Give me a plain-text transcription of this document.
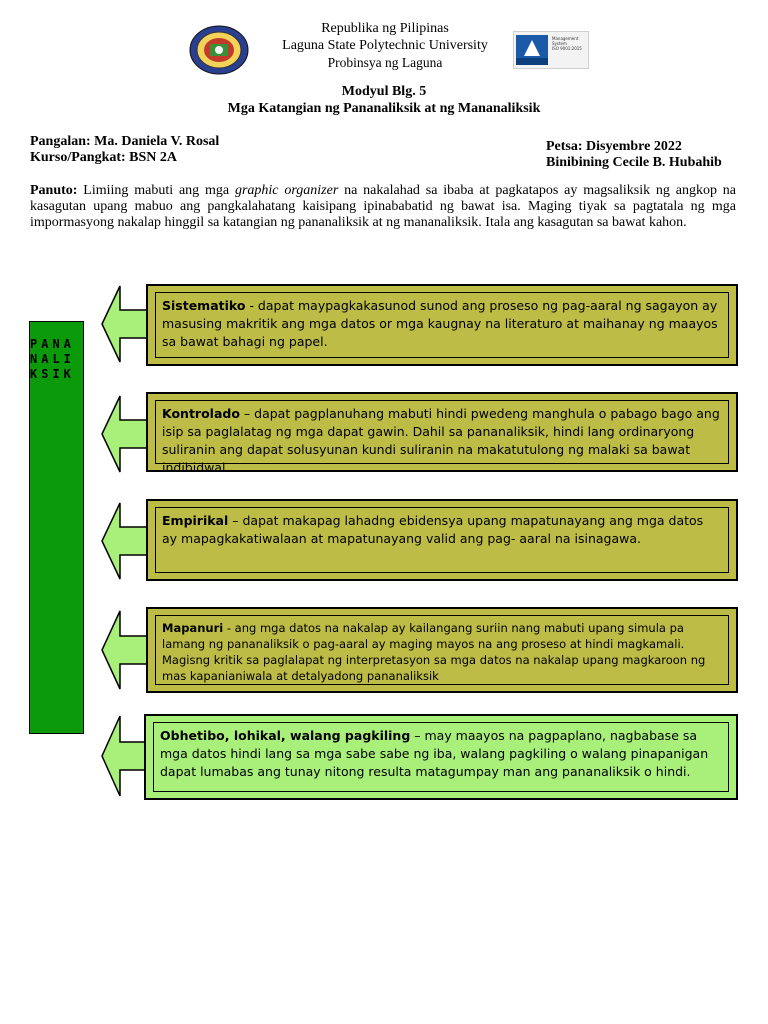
Management
System
ISO 9001:2015
Republika ng Pilipinas
Laguna State Polytechnic University
Probinsya ng Laguna
Modyul Blg. 5
Mga Katangian ng Pananaliksik at ng Mananaliksik
Pangalan: Ma. Daniela V. Rosal
Kurso/Pangkat: BSN 2A
Petsa: Disyembre 2022
Binibining Cecile B. Hubahib
Panuto: Limiing mabuti ang mga graphic organizer na nakalahad sa ibaba at pagkatapos ay magsaliksik ng angkop na kasagutan upang mabuo ang pangkalahatang kaisipang ipinababatid ng bawat isa. Maging tiyak sa pagtatala ng mga impormasyong nakalap hinggil sa katangian ng pananaliksik at ng mananaliksik. Itala ang kasagutan sa bawat kahon.
PANANALIKSIK
Sistematiko - dapat maypagkakasunod sunod ang proseso ng pag-aaral ng sagayon ay masusing makritik ang mga datos or mga kaugnay na literaturo at maihanay ng maayos sa bawat bahagi ng papel.
Kontrolado – dapat pagplanuhang mabuti hindi pwedeng manghula o pabago bago ang isip sa paglalatag ng mga dapat gawin. Dahil sa pananaliksik, hindi lang ordinaryong suliranin ang dapat solusyunan kundi suliranin na makatutulong ng malaki sa bawat indibidwal.
Empirikal – dapat makapag lahadng ebidensya upang mapatunayang ang mga datos ay mapagkakatiwalaan at mapatunayang valid ang pag- aaral na isinagawa.
Mapanuri - ang mga datos na nakalap ay kailangang suriin nang mabuti upang simula pa lamang ng pananaliksik o pag-aaral ay maging mayos na ang proseso at hindi magkamali. Magisng kritik sa paglalapat ng interpretasyon sa mga datos na nakalap upang magkaroon ng mas kapanianiwala at detalyadong pananaliksik
Obhetibo, lohikal, walang pagkiling – may maayos na pagpaplano, nagbabase sa mga datos hindi lang sa mga sabe sabe ng iba, walang pagkiling o walang pinapanigan dapat lumabas ang tunay nitong resulta matagumpay man ang pananaliksik o hindi.
